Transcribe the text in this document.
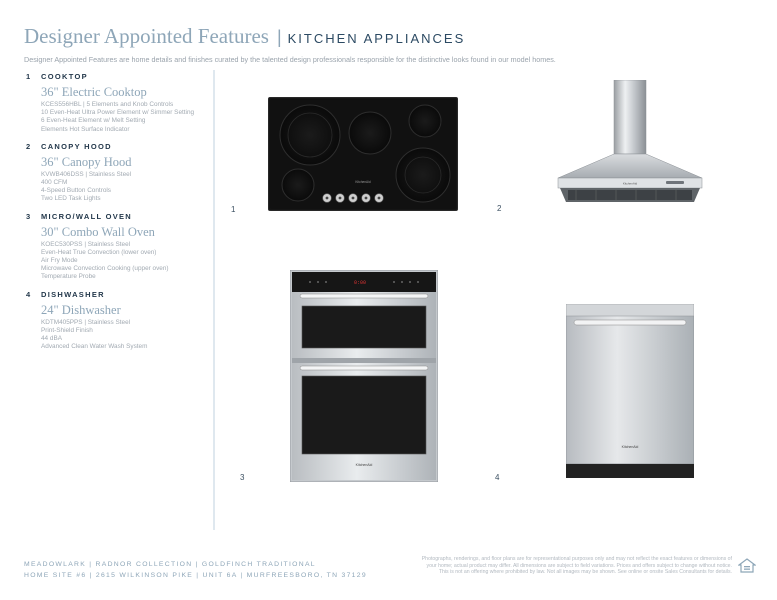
Designer Appointed Features | KITCHEN APPLIANCES
Designer Appointed Features are home details and finishes curated by the talented design professionals responsible for the distinctive looks found in our model homes.
1	COOKTOP
36" Electric Cooktop
KCES556HBL | 5 Elements and Knob Controls
10 Even-Heat Ultra Power Element w/ Simmer Setting
6 Even-Heat Element w/ Melt Setting
Elements Hot Surface Indicator
2	CANOPY HOOD
36" Canopy Hood
KVWB406DSS | Stainless Steel
400 CFM
4-Speed Button Controls
Two LED Task Lights
3	MICRO/WALL OVEN
30" Combo Wall Oven
KOEC530PSS | Stainless Steel
Even-Heat True Convection (lower oven)
Air Fry Mode
Microwave Convection Cooking (upper oven)
Temperature Probe
4	DISHWASHER
24" Dishwasher
KDTM405PPS | Stainless Steel
Print-Shield Finish
44 dBA
Advanced Clean Water Wash System
KitchenAid
1
KitchenAid
2
0:00
KitchenAid
3
KitchenAid
4
MEADOWLARK | RADNOR COLLECTION | GOLDFINCH TRADITIONAL
HOME SITE #6 | 2615 WILKINSON PIKE | UNIT 6A | MURFREESBORO, TN 37129
Photographs, renderings, and floor plans are for representational purposes only and may not reflect the exact features or dimensions of
your home; actual product may differ. All dimensions are subject to field variations. Prices and offers subject to change without notice.
This is not an offering where prohibited by law. Not all images may be shown. See online or onsite Sales Consultants for details.
